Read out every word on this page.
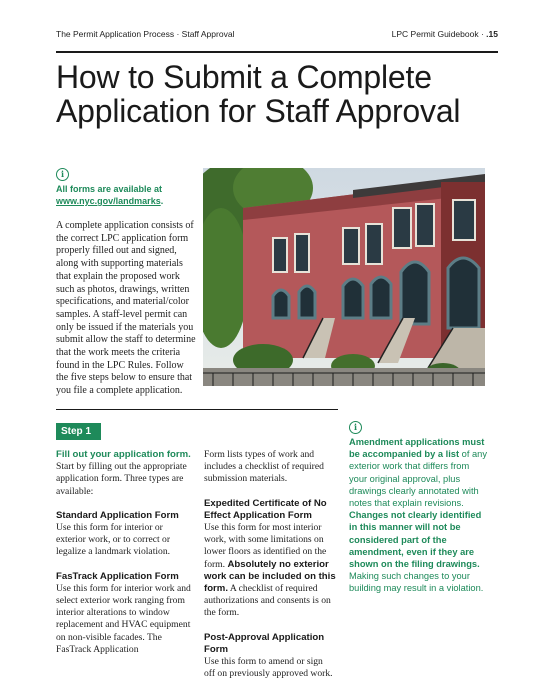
The Permit Application Process · Staff Approval	LPC Permit Guidebook · .15
How to Submit a Complete Application for Staff Approval
i
All forms are available at www.nyc.gov/landmarks.
A complete application consists of the correct LPC application form properly filled out and signed, along with supporting materials that explain the proposed work such as photos, drawings, written specifications, and material/color samples. A staff-level permit can only be issued if the materials you submit allow the staff to determine that the work meets the criteria found in the LPC Rules. Follow the five steps below to ensure that you file a complete application.
Step 1
Fill out your application form.
Start by filling out the appropriate application form. Three types are available:
Standard Application Form
Use this form for interior or exterior work, or to correct or legalize a landmark violation.
FasTrack Application Form
Use this form for interior work and select exterior work ranging from interior alterations to window replacement and HVAC equipment on non-visible facades. The FasTrack Application
Form lists types of work and includes a checklist of required submission materials.
Expedited Certificate of No Effect Application Form
Use this form for most interior work, with some limitations on lower floors as identified on the form. Absolutely no exterior work can be included on this form. A checklist of required authorizations and consents is on the form.
Post-Approval Application Form
Use this form to amend or sign off on previously approved work.
i
Amendment applications must be accompanied by a list of any exterior work that differs from your original approval, plus drawings clearly annotated with notes that explain revisions. Changes not clearly identified in this manner will not be considered part of the amendment, even if they are shown on the filing drawings. Making such changes to your building may result in a violation.
